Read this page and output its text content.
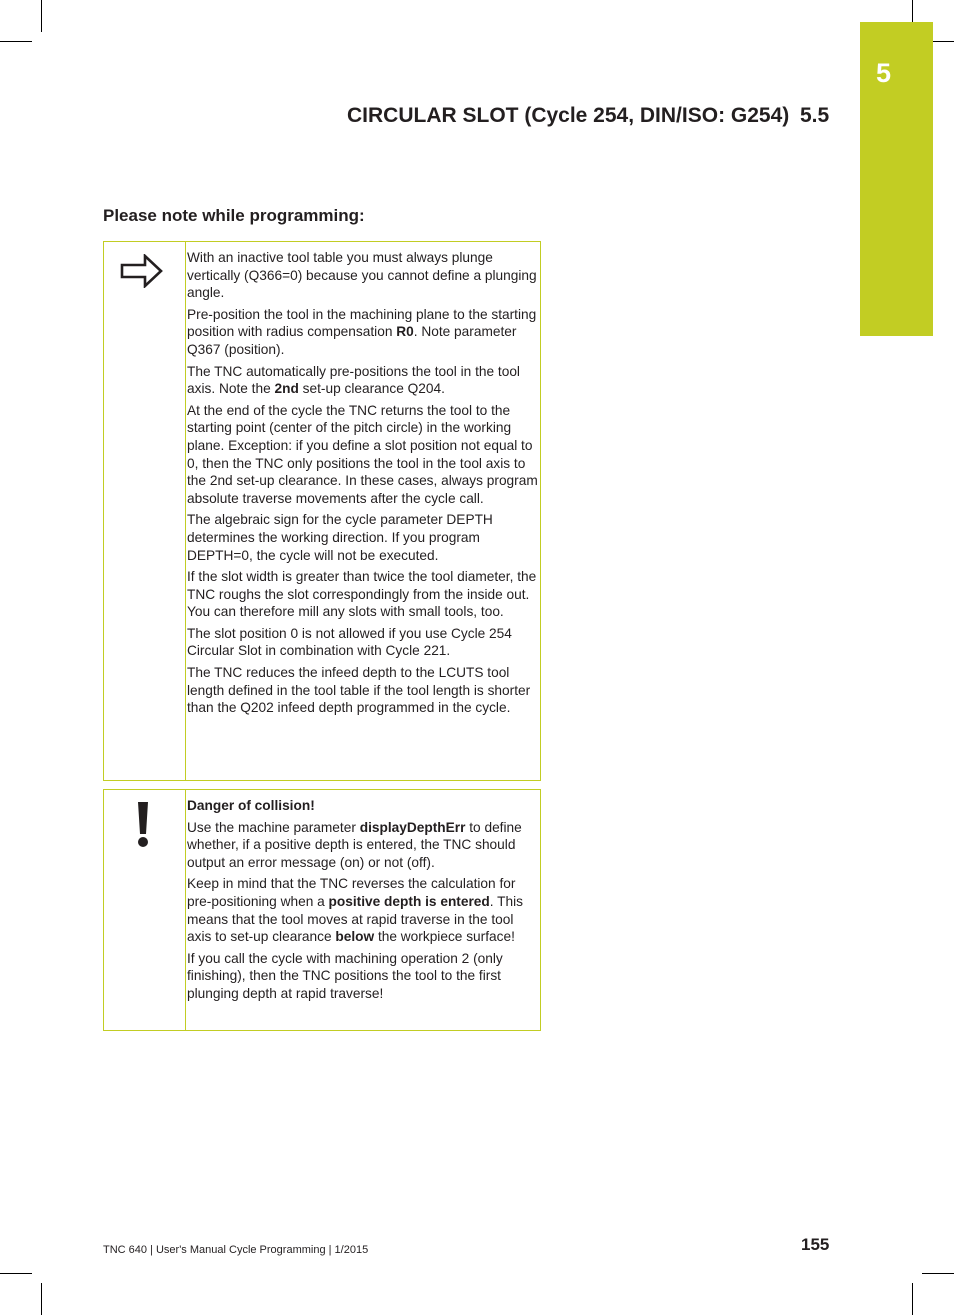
5
CIRCULAR SLOT (Cycle 254, DIN/ISO: G254) 5.5
Please note while programming:

With an inactive tool table you must always plunge vertically (Q366=0) because you cannot define a plunging angle.

Pre-position the tool in the machining plane to the starting position with radius compensation R0. Note parameter Q367 (position).

The TNC automatically pre-positions the tool in the tool axis. Note the 2nd set-up clearance Q204.

At the end of the cycle the TNC returns the tool to the starting point (center of the pitch circle) in the working plane. Exception: if you define a slot position not equal to 0, then the TNC only positions the tool in the tool axis to the 2nd set-up clearance. In these cases, always program absolute traverse movements after the cycle call.

The algebraic sign for the cycle parameter DEPTH determines the working direction. If you program DEPTH=0, the cycle will not be executed.

If the slot width is greater than twice the tool diameter, the TNC roughs the slot correspondingly from the inside out. You can therefore mill any slots with small tools, too.

The slot position 0 is not allowed if you use Cycle 254 Circular Slot in combination with Cycle 221.

The TNC reduces the infeed depth to the LCUTS tool length defined in the tool table if the tool length is shorter than the Q202 infeed depth programmed in the cycle.

Danger of collision!

Use the machine parameter displayDepthErr to define whether, if a positive depth is entered, the TNC should output an error message (on) or not (off).

Keep in mind that the TNC reverses the calculation for pre-positioning when a positive depth is entered. This means that the tool moves at rapid traverse in the tool axis to set-up clearance below the workpiece surface!

If you call the cycle with machining operation 2 (only finishing), then the TNC positions the tool to the first plunging depth at rapid traverse!

TNC 640 | User's Manual Cycle Programming | 1/2015	155
